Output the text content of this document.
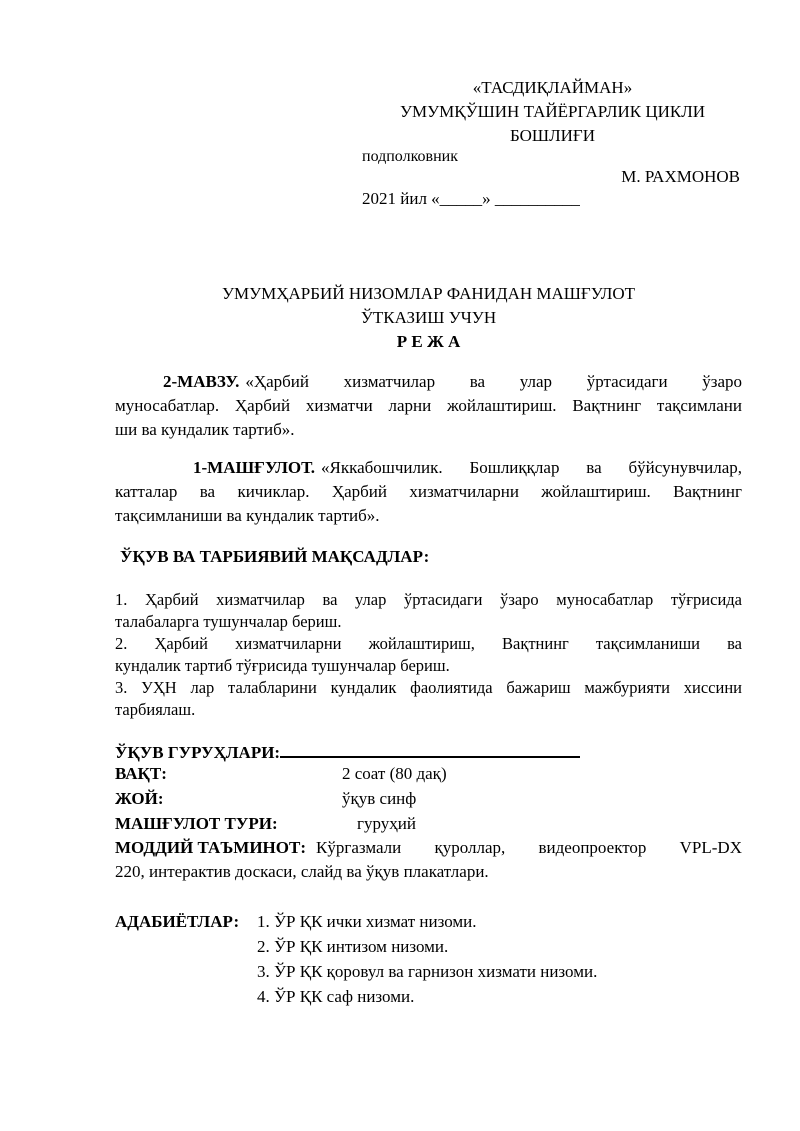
«ТАСДИҚЛАЙМАН»
УМУМҚЎШИН ТАЙЁРГАРЛИК ЦИКЛИ
БОШЛИҒИ
подполковник
М. РАХМОНОВ
2021 йил «_____» __________
УМУМҲАРБИЙ НИЗОМЛАР ФАНИДАН МАШҒУЛОТ
ЎТКАЗИШ УЧУН
Р Е Ж А
2-МАВЗУ. «Ҳарбий хизматчилар ва улар ўртасидаги ўзаро
муносабатлар. Ҳарбий хизматчи ларни жойлаштириш. Вақтнинг тақсимлани
ши ва кундалик тартиб».
1-МАШҒУЛОТ. «Яккабошчилик. Бошлиққлар ва бўйсунувчилар,
катталар ва кичиклар. Ҳарбий хизматчиларни жойлаштириш. Вақтнинг
тақсимланиши ва кундалик тартиб».
ЎҚУВ ВА ТАРБИЯВИЙ МАҚСАДЛАР:
1. Ҳарбий хизматчилар ва улар ўртасидаги ўзаро муносабатлар тўғрисида
талабаларга тушунчалар бериш.
2. Ҳарбий хизматчиларни жойлаштириш, Вақтнинг тақсимланиши ва
кундалик тартиб тўғрисида тушунчалар бериш.
3. УҲН лар талабларини кундалик фаолиятида бажариш мажбурияти хиссини
тарбиялаш.
ЎҚУВ ГУРУҲЛАРИ:
ВАҚТ:	2 соат (80 дақ)
ЖОЙ:	ўқув синф
МАШҒУЛОТ ТУРИ:	гуруҳий
МОДДИЙ ТАЪМИНОТ: Кўргазмали қуроллар, видеопроектор VPL-DX
220, интерактив доскаси, слайд ва ўқув плакатлари.
АДАБИЁТЛАР: 1. ЎР ҚК ички хизмат низоми.
2. ЎР ҚК интизом низоми.
3. ЎР ҚК қоровул ва гарнизон хизмати низоми.
4. ЎР ҚК саф низоми.
